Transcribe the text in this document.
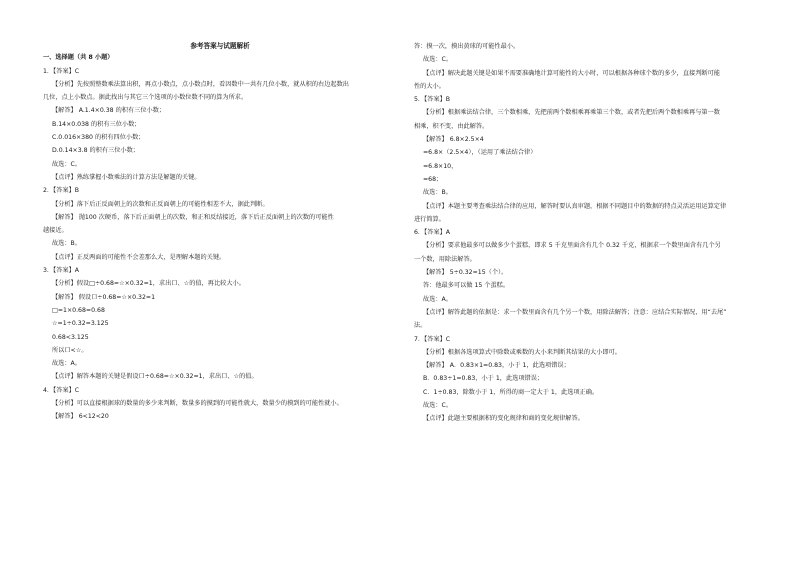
参考答案与试题解析
一、选择题（共 8 小题）
1．【答案】C
【分析】先按照整数乘法算出积，再点小数点，点小数点时，看因数中一共有几位小数，就从积的右边起数出
几位，点上小数点。据此找出与其它三个选项的小数位数不同的算为所求。
【解答】 A.1.4×0.38 的积有三位小数；
B.14×0.038 的积有三位小数；
C.0.016×380 的积有四位小数；
D.0.14×3.8 的积有三位小数；
故选：C。
【点评】熟练掌握小数乘法的计算方法是解题的关键。
2．【答案】B
【分析】落下后正反面朝上的次数和正反面朝上的可能性相差不大，据此判断。
【解答】 抛100 次硬币，落下后正面朝上的次数，和正和反结接近，落下后正反面朝上的次数的可能性
越接近。
故选：B。
【点评】正反两面的可能性不会差那么大，是理解本题的关键。
3．【答案】A
【分析】假设□÷0.68=☆×0.32=1，求出口、☆的值，再比较大小。
【解答】 假设口÷0.68=☆×0.32=1
□=1×0.68=0.68
☆=1÷0.32=3.125
0.68<3.125
所以口<☆。
故选：A。
【点评】解答本题的关键是假设口÷0.68=☆×0.32=1，求出口、☆的值。
4．【答案】C
【分析】可以直接根据球的数量的多少来判断，数量多的摸到的可能性就大，数量少的摸到的可能性就小。
【解答】 6<12<20
答：摸一次，摸出黄球的可能性最小。
故选：C。
【点评】解决此题关键是如果不需要准确地计算可能性的大小时，可以根据各种球个数的多少，直接判断可能
性的大小。
5．【答案】B
【分析】根据乘法结合律，三个数相乘，先把前两个数相乘再乘第三个数，或者先把后两个数相乘再与第一数
相乘，积不变，由此解答。
【解答】 6.8×2.5×4
=6.8×（2.5×4），（运用了乘法结合律）
=6.8×10，
=68；
故选：B。
【点评】本题主要考查乘法结合律的应用，解答时要认真审题，根据不同题目中的数据的特点灵活运用运算定律
进行简算。
6．【答案】A
【分析】要求他最多可以做多少个蛋糕，即求 5 千克里面含有几个 0.32 千克，根据求一个数里面含有几个另
一个数，用除法解答。
【解答】 5÷0.32≈15（个）。
答：他最多可以做 15 个蛋糕。
故选：A。
【点评】解答此题的依据是：求一个数里面含有几个另一个数，用除法解答；注意：应结合实际情况，用“去尾”
法。
7．【答案】C
【分析】根据各选项算式中除数或乘数的大小来判断其结果的大小即可。
【解答】 A．0.83×1=0.83，小于 1，此选项错误；
B．0.83÷1=0.83，小于 1，此选项错误；
C．1÷0.83，除数小于 1，所得的商一定大于 1，此选项正确。
故选：C。
【点评】此题主要根据积的变化规律和商的变化规律解答。
